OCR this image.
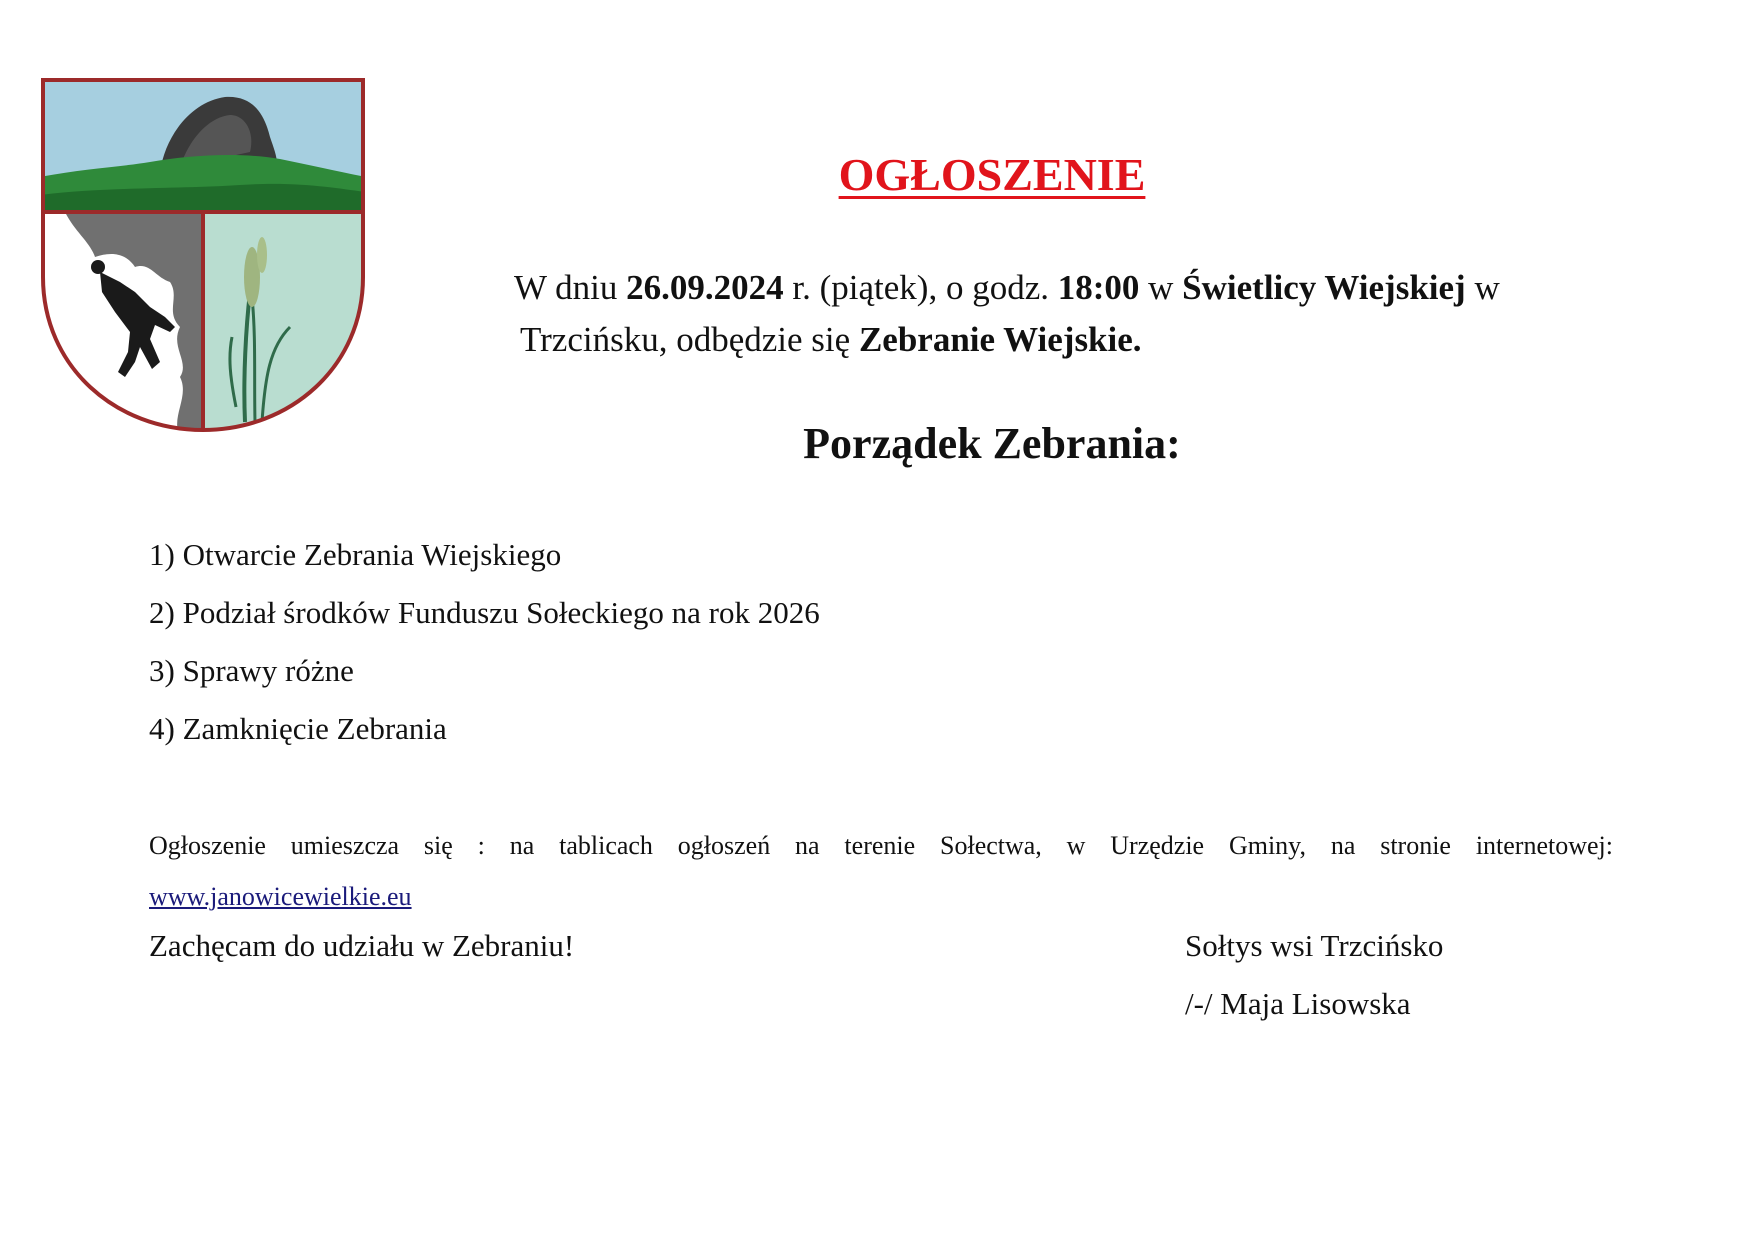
OGŁOSZENIE

W dniu 26.09.2024 r. (piątek), o godz. 18:00 w Świetlicy Wiejskiej w
Trzcińsku, odbędzie się Zebranie Wiejskie.

Porządek Zebrania:
1) Otwarcie Zebrania Wiejskiego
2) Podział środków Funduszu Sołeckiego na rok 2026
3) Sprawy różne
4) Zamknięcie Zebrania

Ogłoszenie umieszcza się : na tablicach ogłoszeń na terenie Sołectwa, w Urzędzie Gminy, na stronie internetowej:

www.janowicewielkie.eu

Zachęcam do udziału w Zebraniu!	Sołtys wsi Trzcińsko

/-/ Maja Lisowska
